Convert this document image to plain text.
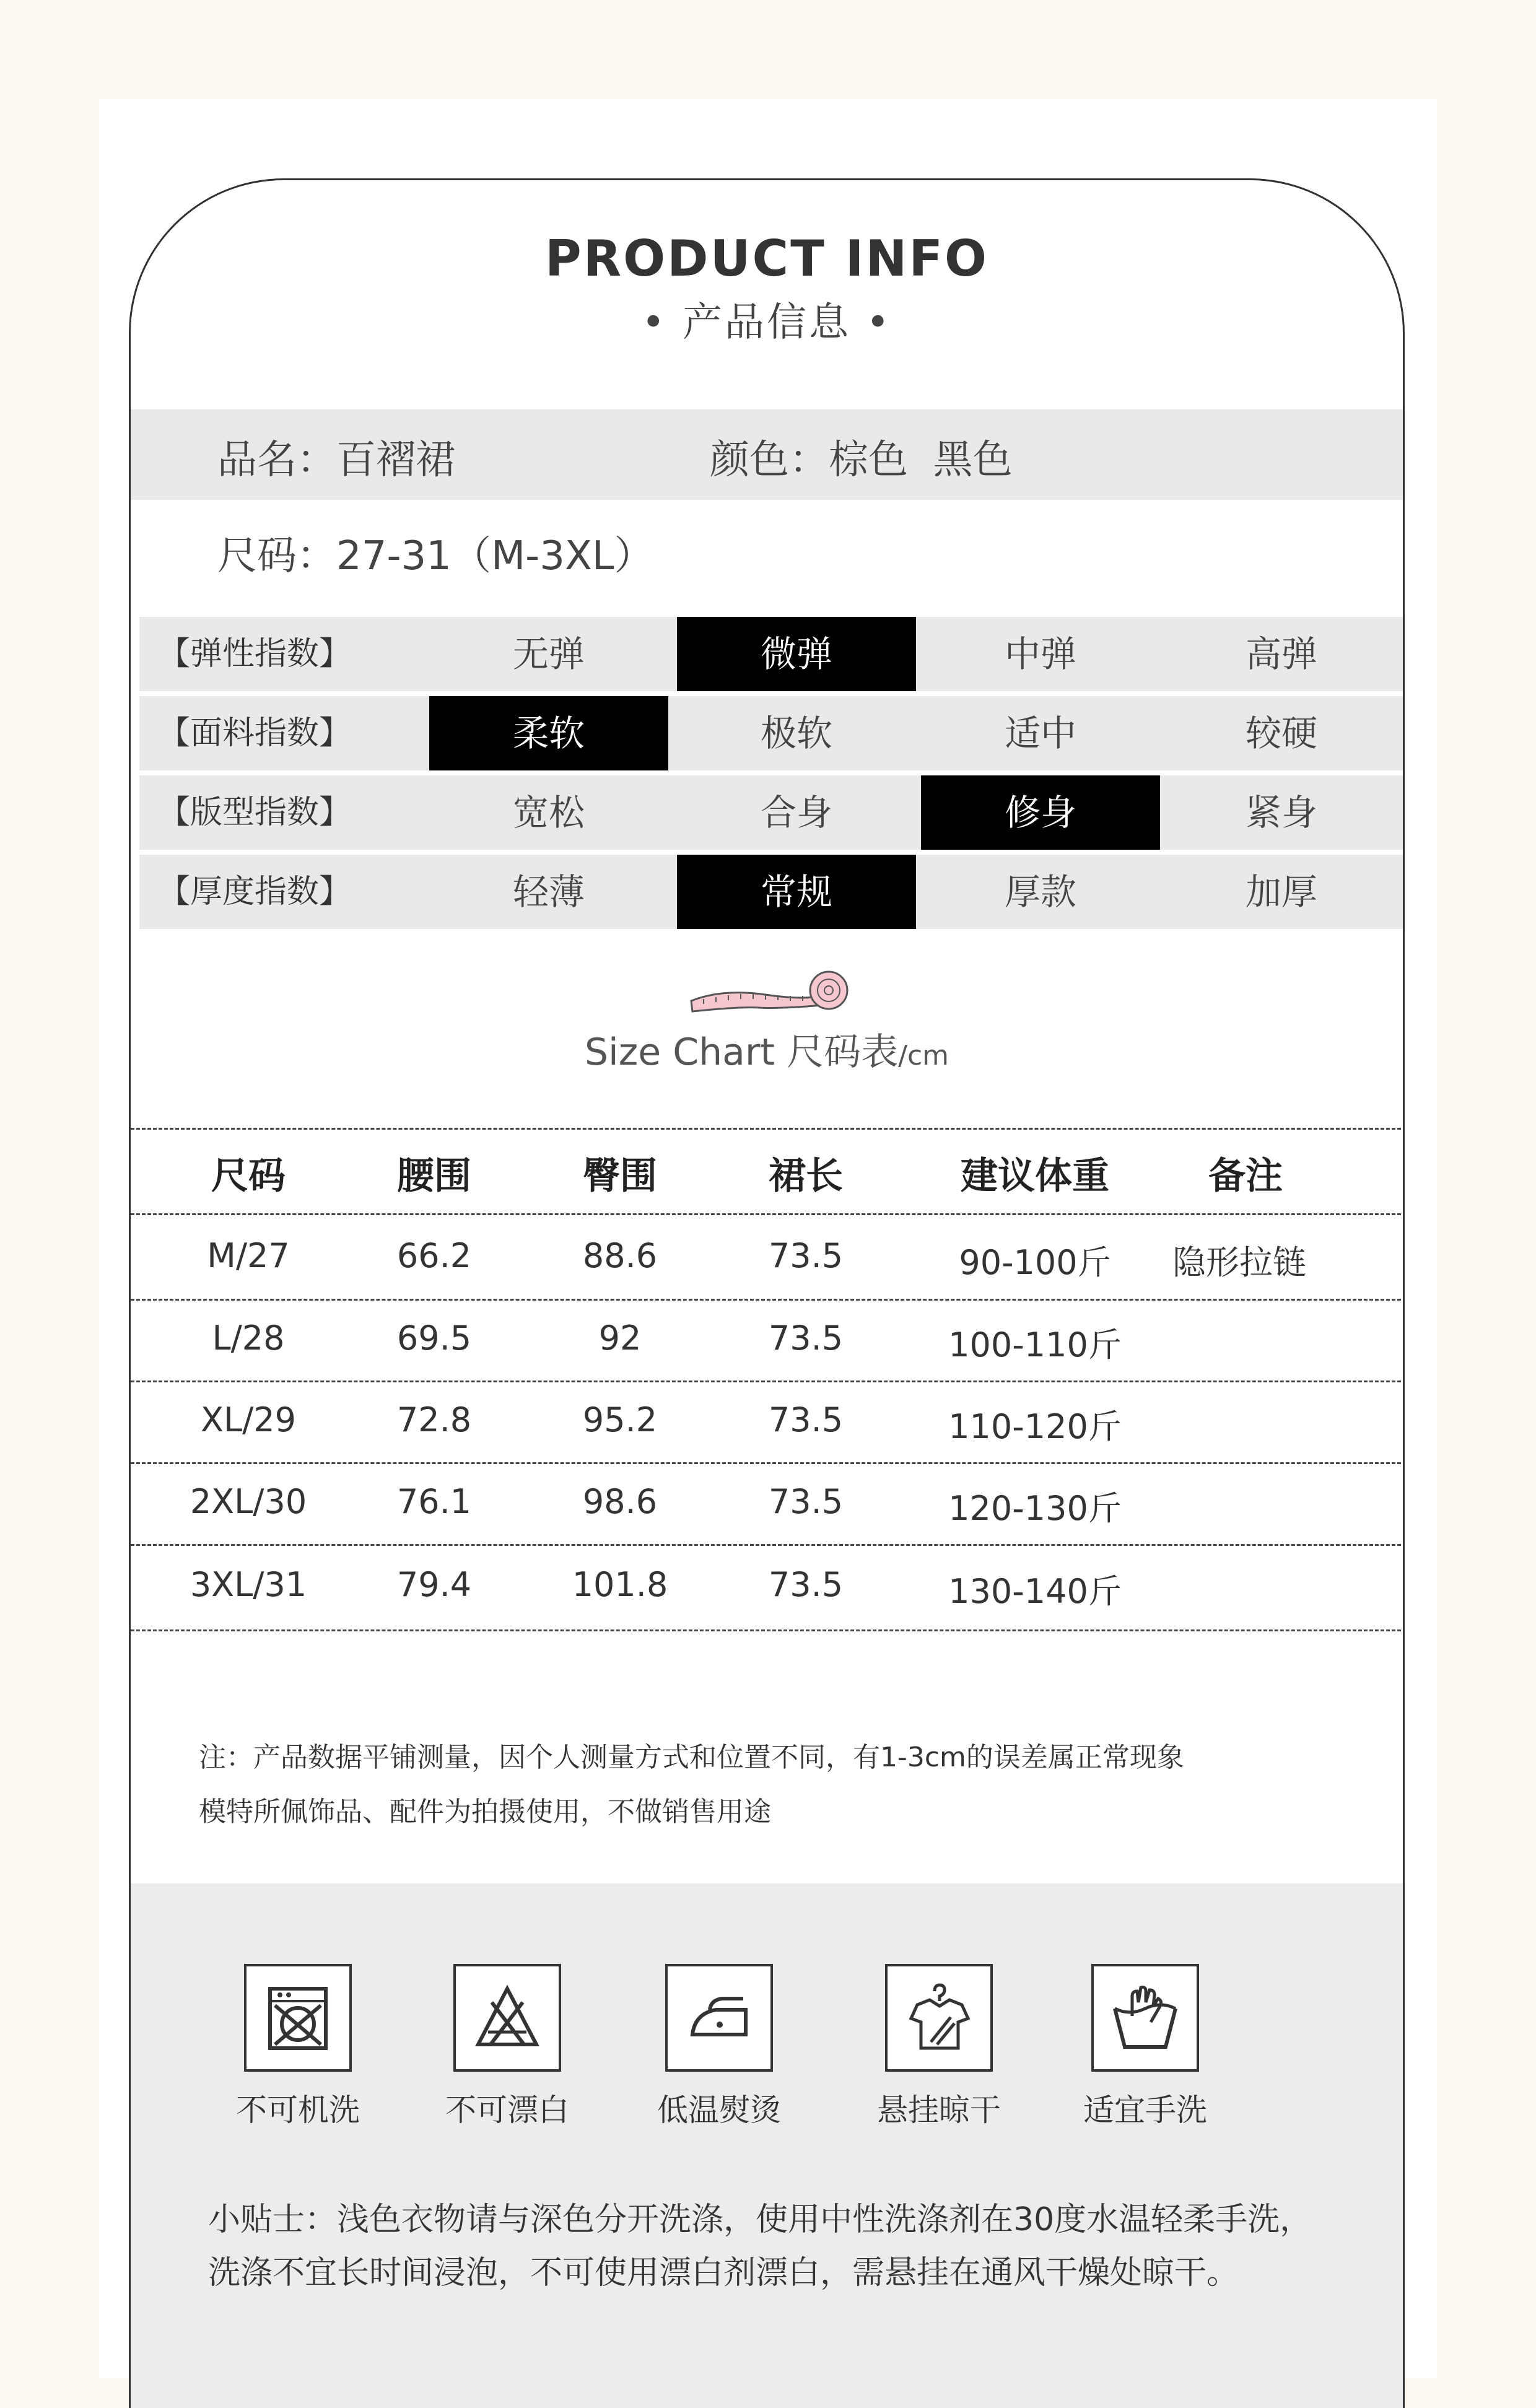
PRODUCT INFO
• 产品信息 •
品名：百褶裙	颜色：棕色  黑色
尺码：27-31（M-3XL）
【弹性指数】	无弹	微弹	中弹	高弹
【面料指数】	柔软	极软	适中	较硬
【版型指数】	宽松	合身	修身	紧身
【厚度指数】	轻薄	常规	厚款	加厚
Size Chart 尺码表/cm
尺码	腰围	臀围	裙长	建议体重	备注
M/27	66.2	88.6	73.5	90-100斤	隐形拉链
L/28	69.5	92	73.5	100-110斤
XL/29	72.8	95.2	73.5	110-120斤
2XL/30	76.1	98.6	73.5	120-130斤
3XL/31	79.4	101.8	73.5	130-140斤
注：产品数据平铺测量，因个人测量方式和位置不同，有1-3cm的误差属正常现象
模特所佩饰品、配件为拍摄使用，不做销售用途
不可机洗	不可漂白	低温熨烫	悬挂晾干	适宜手洗
小贴士：浅色衣物请与深色分开洗涤，使用中性洗涤剂在30度水温轻柔手洗，
洗涤不宜长时间浸泡，不可使用漂白剂漂白，需悬挂在通风干燥处晾干。
